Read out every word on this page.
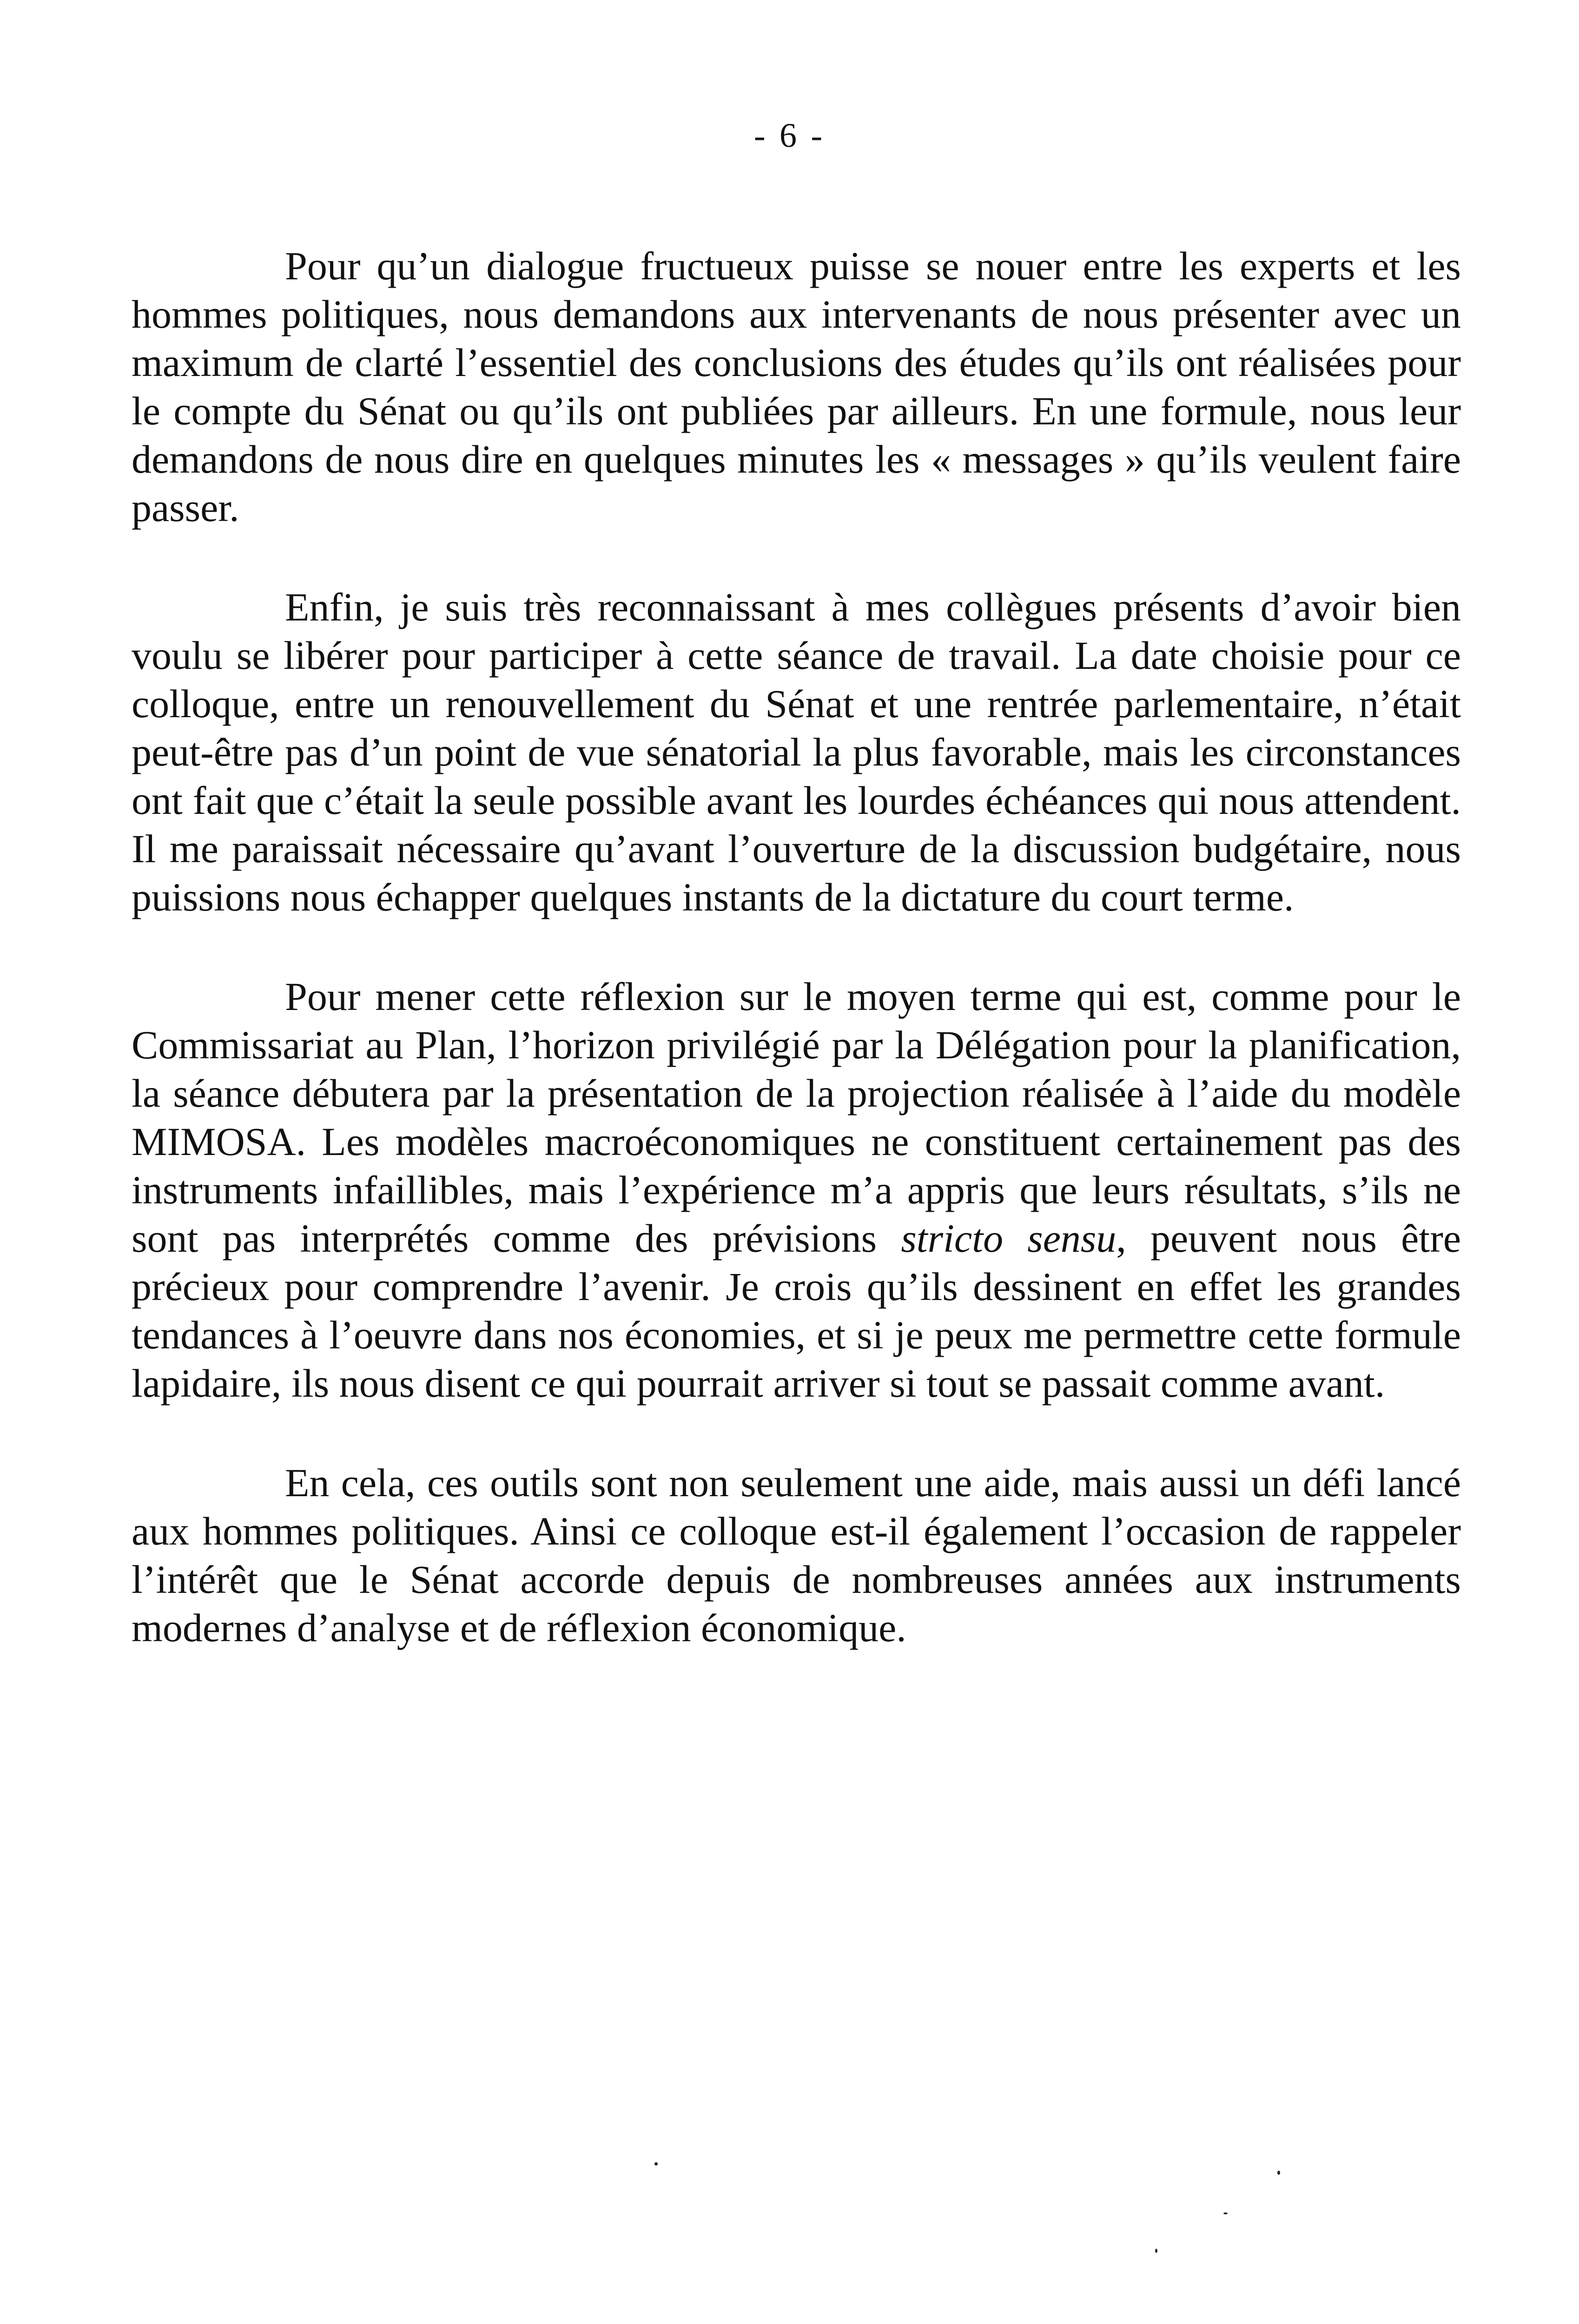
- 6 -

Pour qu’un dialogue fructueux puisse se nouer entre les experts et les hommes politiques, nous demandons aux intervenants de nous présenter avec un maximum de clarté l’essentiel des conclusions des études qu’ils ont réalisées pour le compte du Sénat ou qu’ils ont publiées par ailleurs. En une formule, nous leur demandons de nous dire en quelques minutes les « messages » qu’ils veulent faire passer.

Enfin, je suis très reconnaissant à mes collègues présents d’avoir bien voulu se libérer pour participer à cette séance de travail. La date choisie pour ce colloque, entre un renouvellement du Sénat et une rentrée parlementaire, n’était peut-être pas d’un point de vue sénatorial la plus favorable, mais les circonstances ont fait que c’était la seule possible avant les lourdes échéances qui nous attendent. Il me paraissait nécessaire qu’avant l’ouverture de la discussion budgétaire, nous puissions nous échapper quelques instants de la dictature du court terme.

Pour mener cette réflexion sur le moyen terme qui est, comme pour le Commissariat au Plan, l’horizon privilégié par la Délégation pour la planification, la séance débutera par la présentation de la projection réalisée à l’aide du modèle MIMOSA. Les modèles macroéconomiques ne constituent certainement pas des instruments infaillibles, mais l’expérience m’a appris que leurs résultats, s’ils ne sont pas interprétés comme des prévisions stricto sensu, peuvent nous être précieux pour comprendre l’avenir. Je crois qu’ils dessinent en effet les grandes tendances à l’oeuvre dans nos économies, et si je peux me permettre cette formule lapidaire, ils nous disent ce qui pourrait arriver si tout se passait comme avant.

En cela, ces outils sont non seulement une aide, mais aussi un défi lancé aux hommes politiques. Ainsi ce colloque est-il également l’occasion de rappeler l’intérêt que le Sénat accorde depuis de nombreuses années aux instruments modernes d’analyse et de réflexion économique.
